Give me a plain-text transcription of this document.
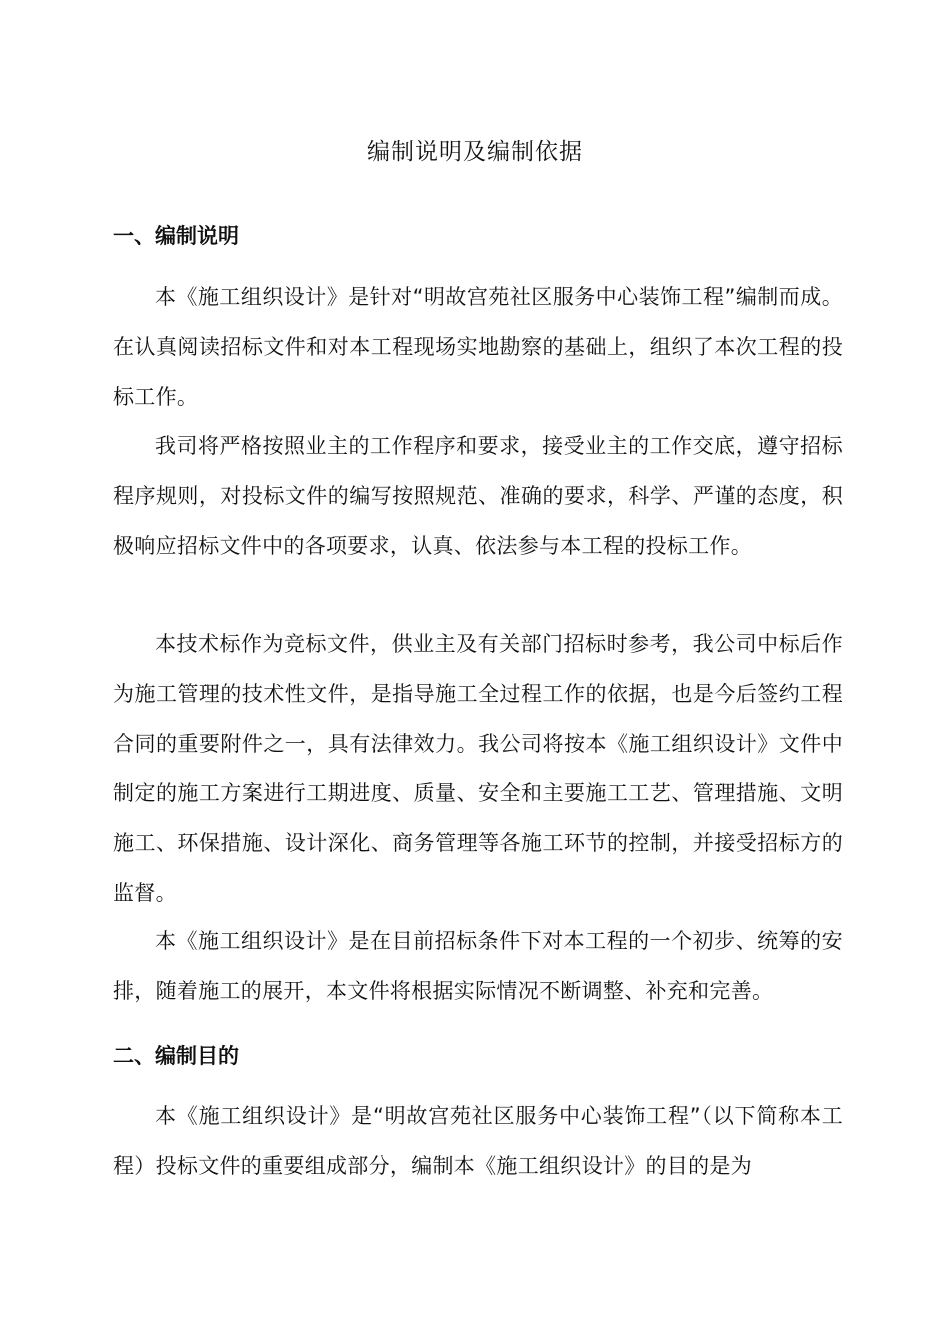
编制说明及编制依据
一、编制说明

本《施工组织设计》是针对“明故宫苑社区服务中心装饰工程”编制而成。在认真阅读招标文件和对本工程现场实地勘察的基础上，组织了本次工程的投标工作。

我司将严格按照业主的工作程序和要求，接受业主的工作交底，遵守招标程序规则，对投标文件的编写按照规范、准确的要求，科学、严谨的态度，积极响应招标文件中的各项要求，认真、依法参与本工程的投标工作。

本技术标作为竞标文件，供业主及有关部门招标时参考，我公司中标后作为施工管理的技术性文件，是指导施工全过程工作的依据，也是今后签约工程合同的重要附件之一，具有法律效力。我公司将按本《施工组织设计》文件中制定的施工方案进行工期进度、质量、安全和主要施工工艺、管理措施、文明施工、环保措施、设计深化、商务管理等各施工环节的控制，并接受招标方的监督。

本《施工组织设计》是在目前招标条件下对本工程的一个初步、统筹的安排，随着施工的展开，本文件将根据实际情况不断调整、补充和完善。

二、编制目的

本《施工组织设计》是“明故宫苑社区服务中心装饰工程”（以下简称本工程）投标文件的重要组成部分，编制本《施工组织设计》的目的是为
